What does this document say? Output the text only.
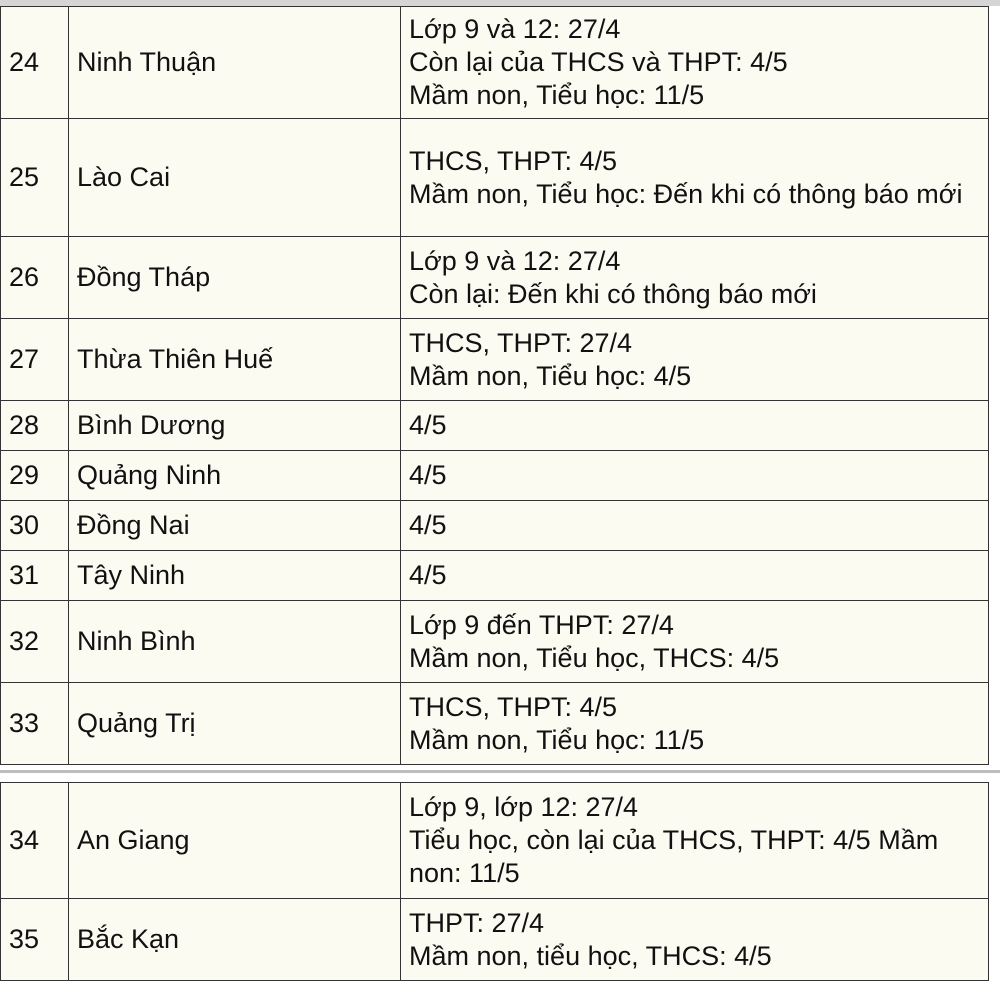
24	Ninh Thuận	Lớp 9 và 12: 27/4
Còn lại của THCS và THPT: 4/5
Mầm non, Tiểu học: 11/5

25	Lào Cai	THCS, THPT: 4/5
Mầm non, Tiểu học: Đến khi có thông báo mới

26	Đồng Tháp	Lớp 9 và 12: 27/4
Còn lại: Đến khi có thông báo mới

27	Thừa Thiên Huế	THCS, THPT: 27/4
Mầm non, Tiểu học: 4/5

28	Bình Dương	4/5

29	Quảng Ninh	4/5

30	Đồng Nai	4/5

31	Tây Ninh	4/5

32	Ninh Bình	Lớp 9 đến THPT: 27/4
Mầm non, Tiểu học, THCS: 4/5

33	Quảng Trị	THCS, THPT: 4/5
Mầm non, Tiểu học: 11/5
34	An Giang	Lớp 9, lớp 12: 27/4
Tiểu học, còn lại của THCS, THPT: 4/5 Mầm non: 11/5

35	Bắc Kạn	THPT: 27/4
Mầm non, tiểu học, THCS: 4/5
